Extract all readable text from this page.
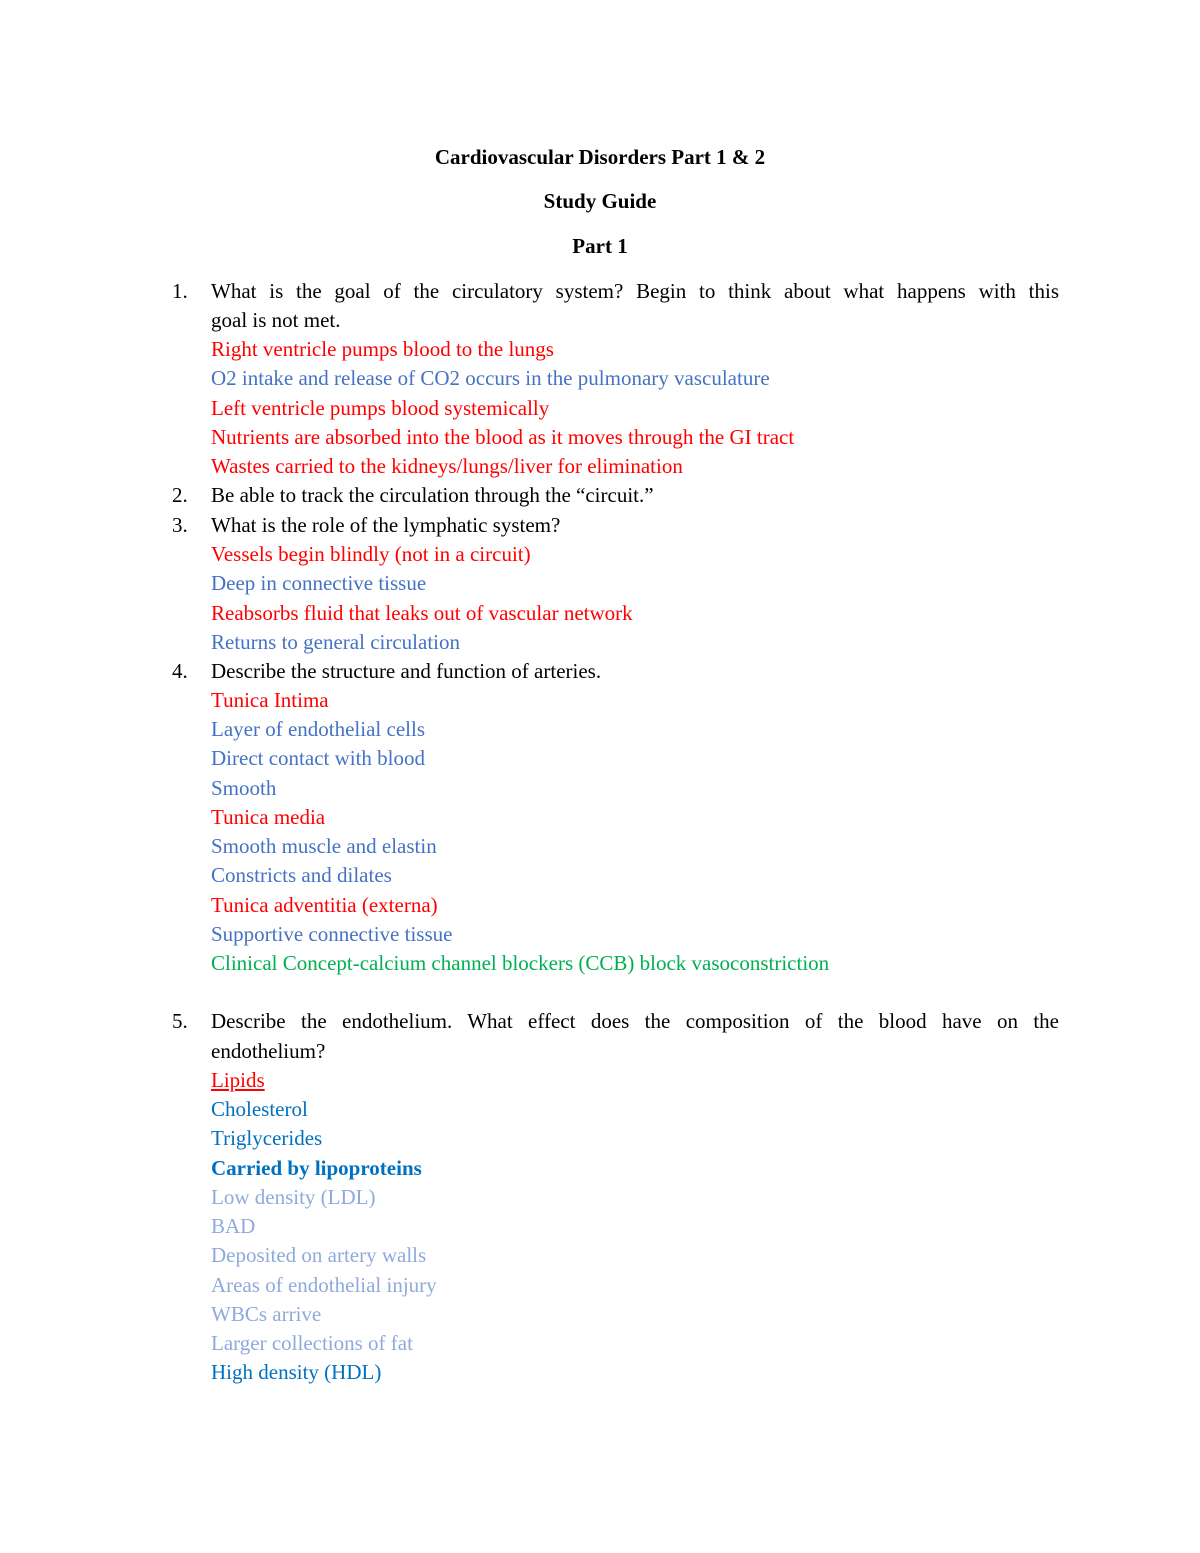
Cardiovascular Disorders Part 1 & 2
Study Guide
Part 1
1. What is the goal of the circulatory system? Begin to think about what happens with this
goal is not met.
Right ventricle pumps blood to the lungs
O2 intake and release of CO2 occurs in the pulmonary vasculature
Left ventricle pumps blood systemically
Nutrients are absorbed into the blood as it moves through the GI tract
Wastes carried to the kidneys/lungs/liver for elimination
2. Be able to track the circulation through the “circuit.”
3. What is the role of the lymphatic system?
Vessels begin blindly (not in a circuit)
Deep in connective tissue
Reabsorbs fluid that leaks out of vascular network
Returns to general circulation
4. Describe the structure and function of arteries.
Tunica Intima
Layer of endothelial cells
Direct contact with blood
Smooth
Tunica media
Smooth muscle and elastin
Constricts and dilates
Tunica adventitia (externa)
Supportive connective tissue
Clinical Concept-calcium channel blockers (CCB) block vasoconstriction
5. Describe the endothelium. What effect does the composition of the blood have on the
endothelium?
Lipids
Cholesterol
Triglycerides
Carried by lipoproteins
Low density (LDL)
BAD
Deposited on artery walls
Areas of endothelial injury
WBCs arrive
Larger collections of fat
High density (HDL)
